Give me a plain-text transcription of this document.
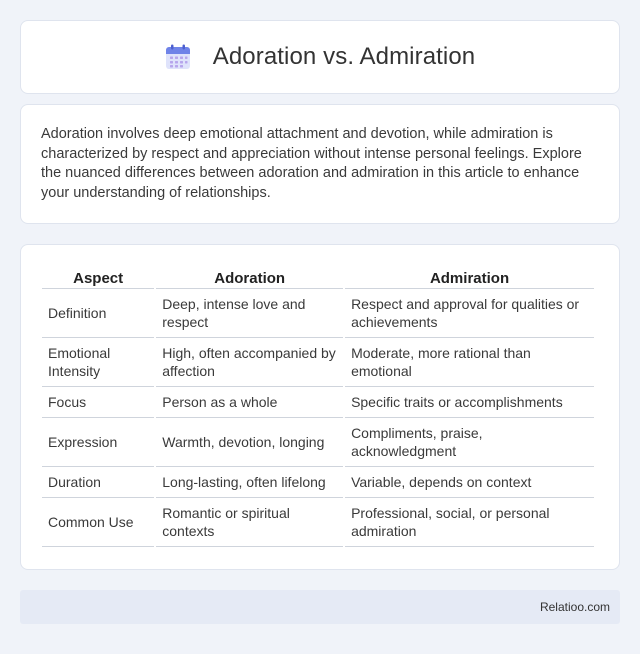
Adoration vs. Admiration

Adoration involves deep emotional attachment and devotion, while admiration is characterized by respect and appreciation without intense personal feelings. Explore the nuanced differences between adoration and admiration in this article to enhance your understanding of relationships.

Aspect	Adoration	Admiration
Definition	Deep, intense love and respect	Respect and approval for qualities or achievements
Emotional Intensity	High, often accompanied by affection	Moderate, more rational than emotional
Focus	Person as a whole	Specific traits or accomplishments
Expression	Warmth, devotion, longing	Compliments, praise, acknowledgment
Duration	Long-lasting, often lifelong	Variable, depends on context
Common Use	Romantic or spiritual contexts	Professional, social, or personal admiration
Relatioo.com
